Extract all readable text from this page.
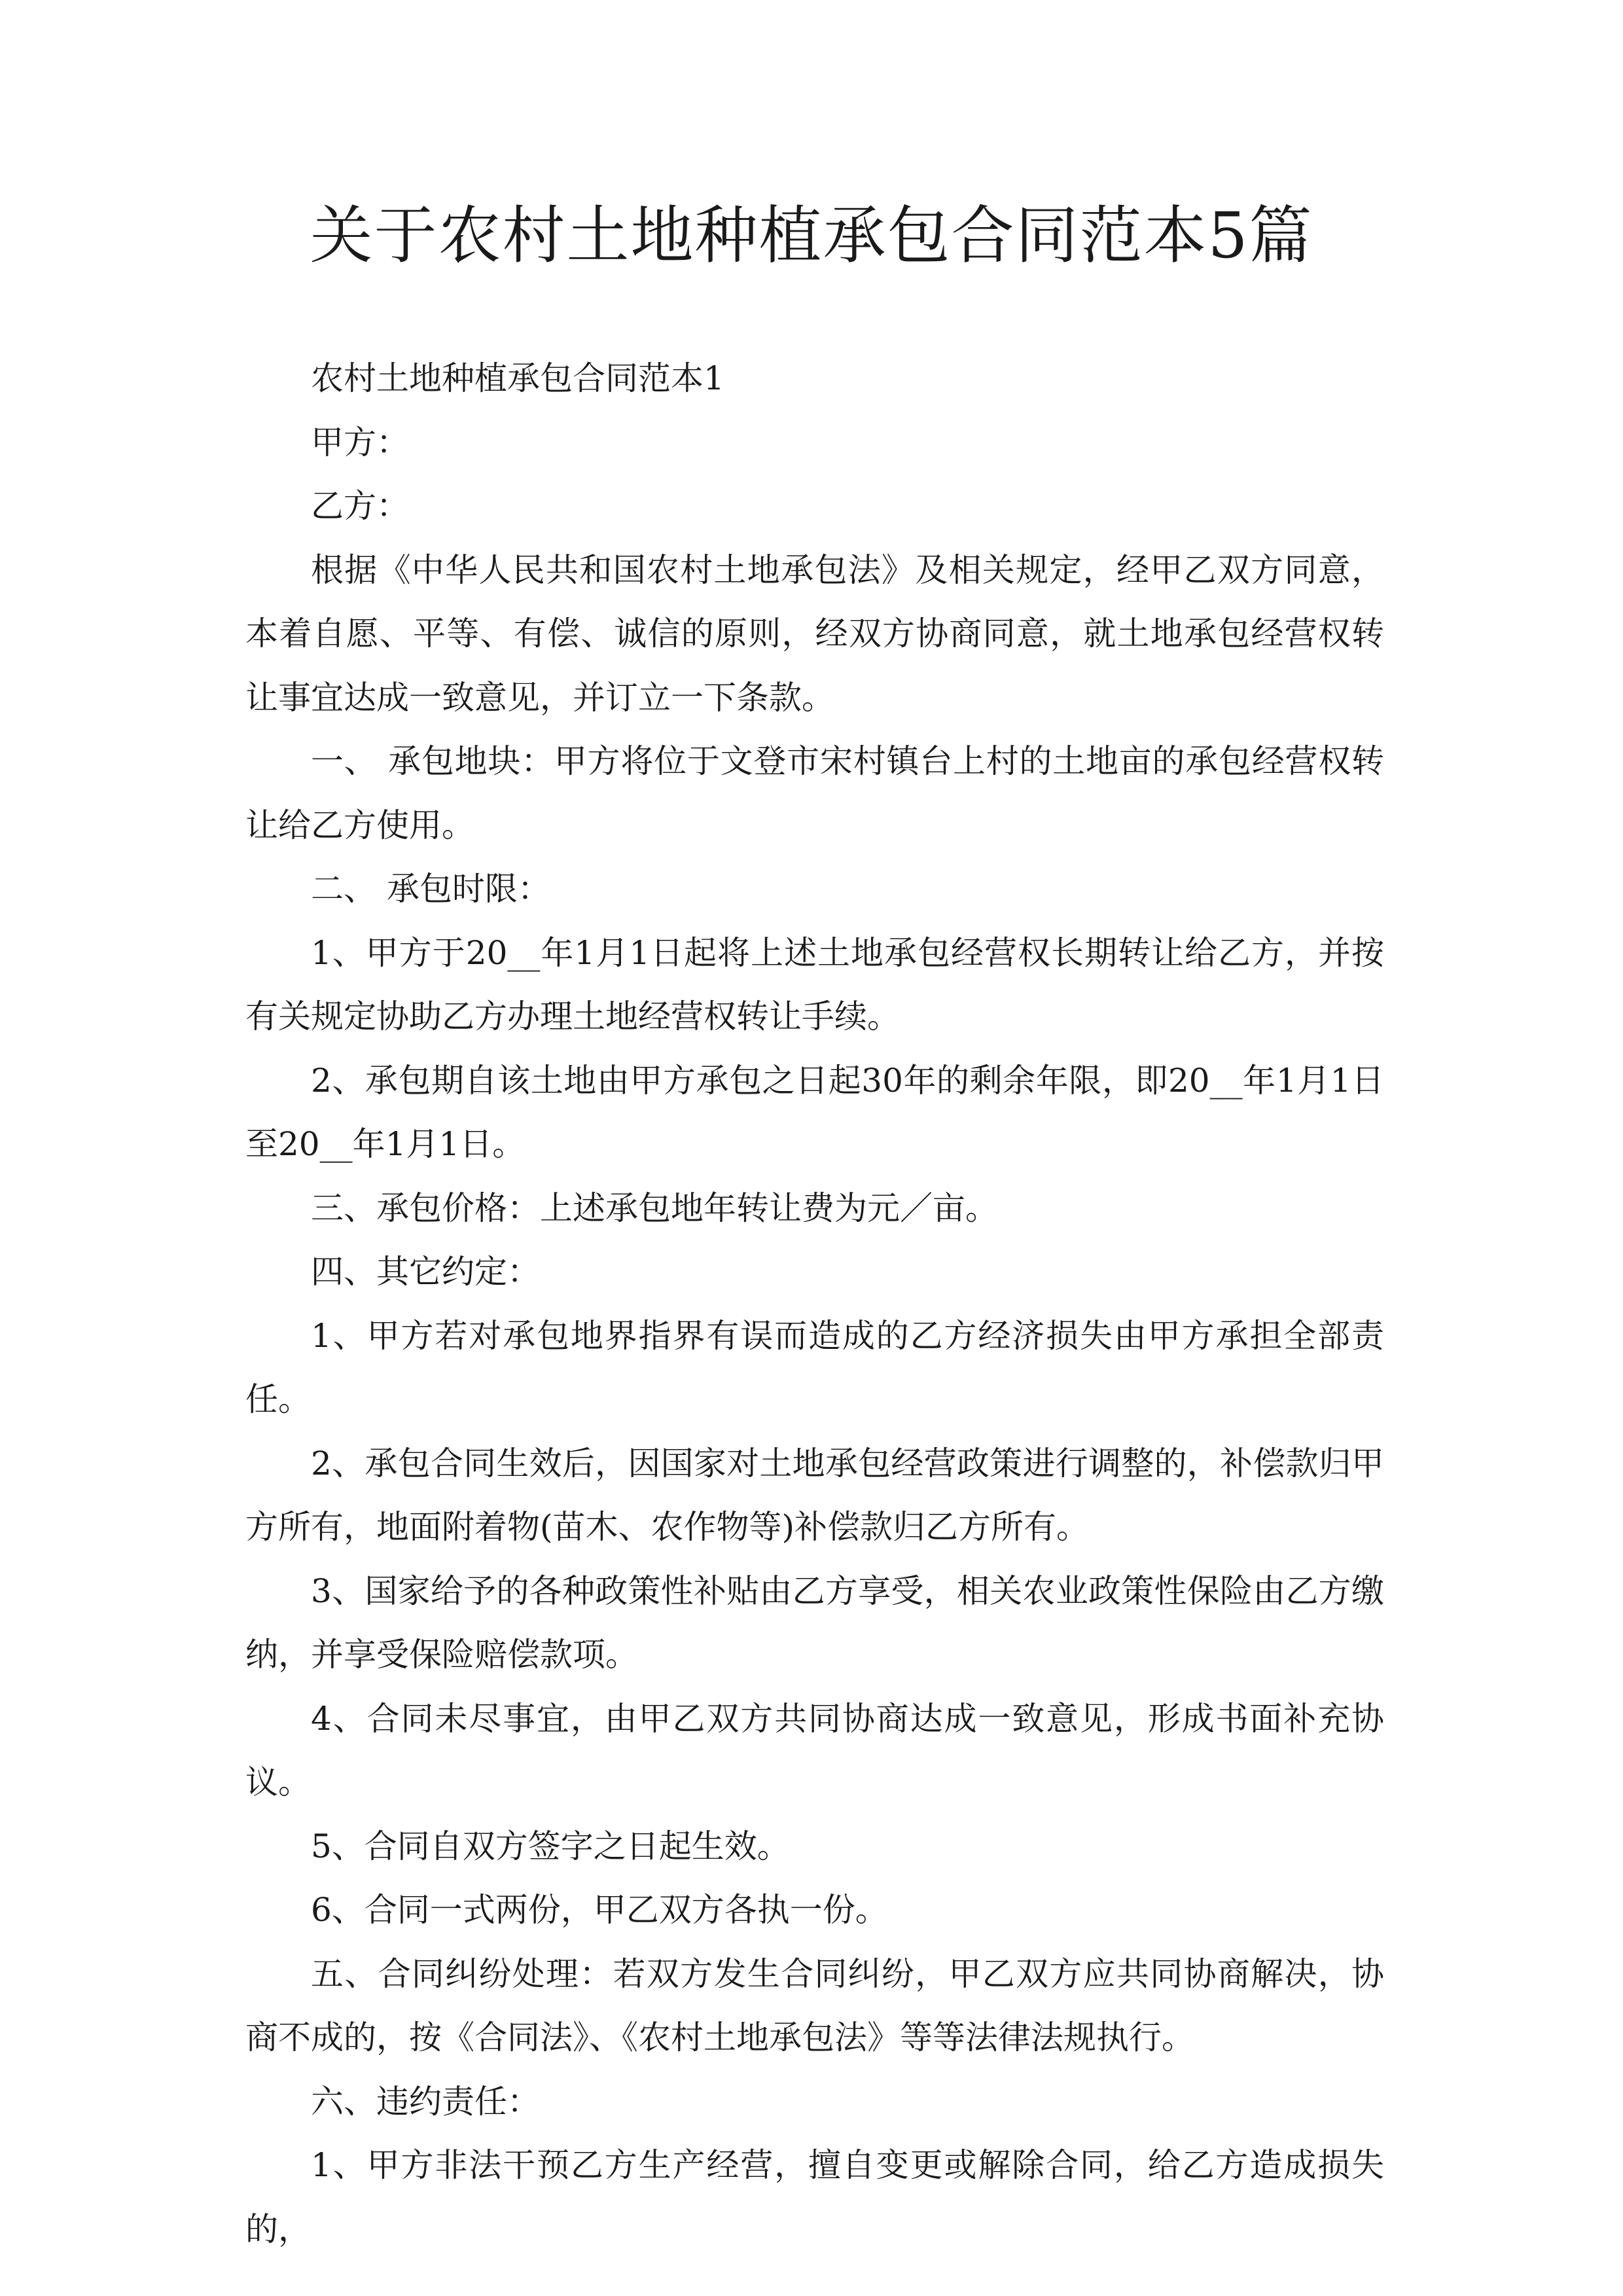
关于农村土地种植承包合同范本5篇

农村土地种植承包合同范本1

甲方：

乙方：

根据《中华人民共和国农村土地承包法》及相关规定，经甲乙双方同意，本着自愿、平等、有偿、诚信的原则，经双方协商同意，就土地承包经营权转让事宜达成一致意见，并订立一下条款。

一、 承包地块：甲方将位于文登市宋村镇台上村的土地亩的承包经营权转让给乙方使用。

二、 承包时限：

1、甲方于20__年1月1日起将上述土地承包经营权长期转让给乙方，并按有关规定协助乙方办理土地经营权转让手续。

2、承包期自该土地由甲方承包之日起30年的剩余年限，即20__年1月1日至20__年1月1日。

三、承包价格：上述承包地年转让费为元／亩。

四、其它约定：

1、甲方若对承包地界指界有误而造成的乙方经济损失由甲方承担全部责任。

2、承包合同生效后，因国家对土地承包经营政策进行调整的，补偿款归甲方所有，地面附着物(苗木、农作物等)补偿款归乙方所有。

3、国家给予的各种政策性补贴由乙方享受，相关农业政策性保险由乙方缴纳，并享受保险赔偿款项。

4、合同未尽事宜，由甲乙双方共同协商达成一致意见，形成书面补充协议。

5、合同自双方签字之日起生效。

6、合同一式两份，甲乙双方各执一份。

五、合同纠纷处理：若双方发生合同纠纷，甲乙双方应共同协商解决，协商不成的，按《合同法》、《农村土地承包法》等等法律法规执行。

六、违约责任：

1、甲方非法干预乙方生产经营，擅自变更或解除合同，给乙方造成损失的，
